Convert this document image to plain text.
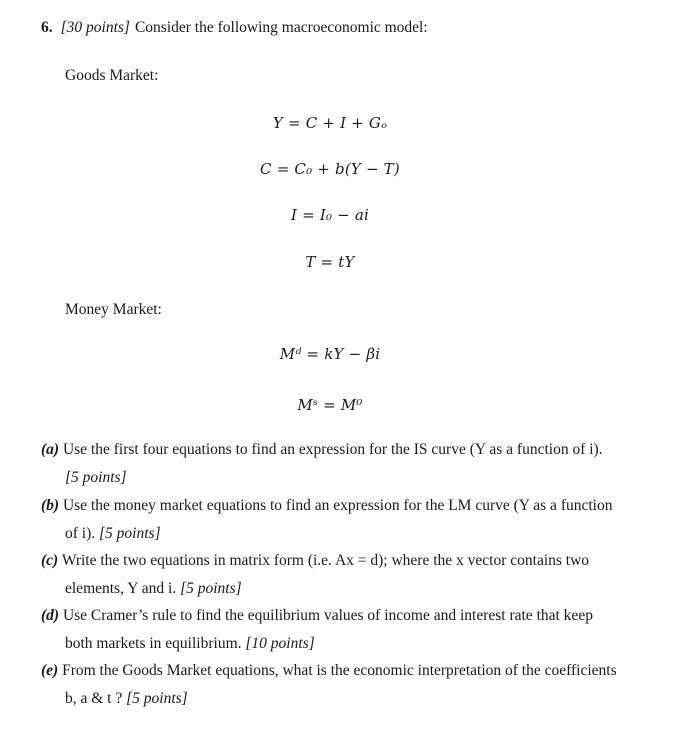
6. [30 points] Consider the following macroeconomic model:
Goods Market:
Y = C + I + Gₒ
C = C₀ + b(Y − T)
I = I₀ − ai
T = tY
Money Market:
Mᵈ = kY − βi
Mˢ = M⁰
(a) Use the first four equations to find an expression for the IS curve (Y as a function of i).
[5 points]
(b) Use the money market equations to find an expression for the LM curve (Y as a function
of i). [5 points]
(c) Write the two equations in matrix form (i.e. Ax = d); where the x vector contains two
elements, Y and i. [5 points]
(d) Use Cramer’s rule to find the equilibrium values of income and interest rate that keep
both markets in equilibrium. [10 points]
(e) From the Goods Market equations, what is the economic interpretation of the coefficients
b, a & t ? [5 points]
